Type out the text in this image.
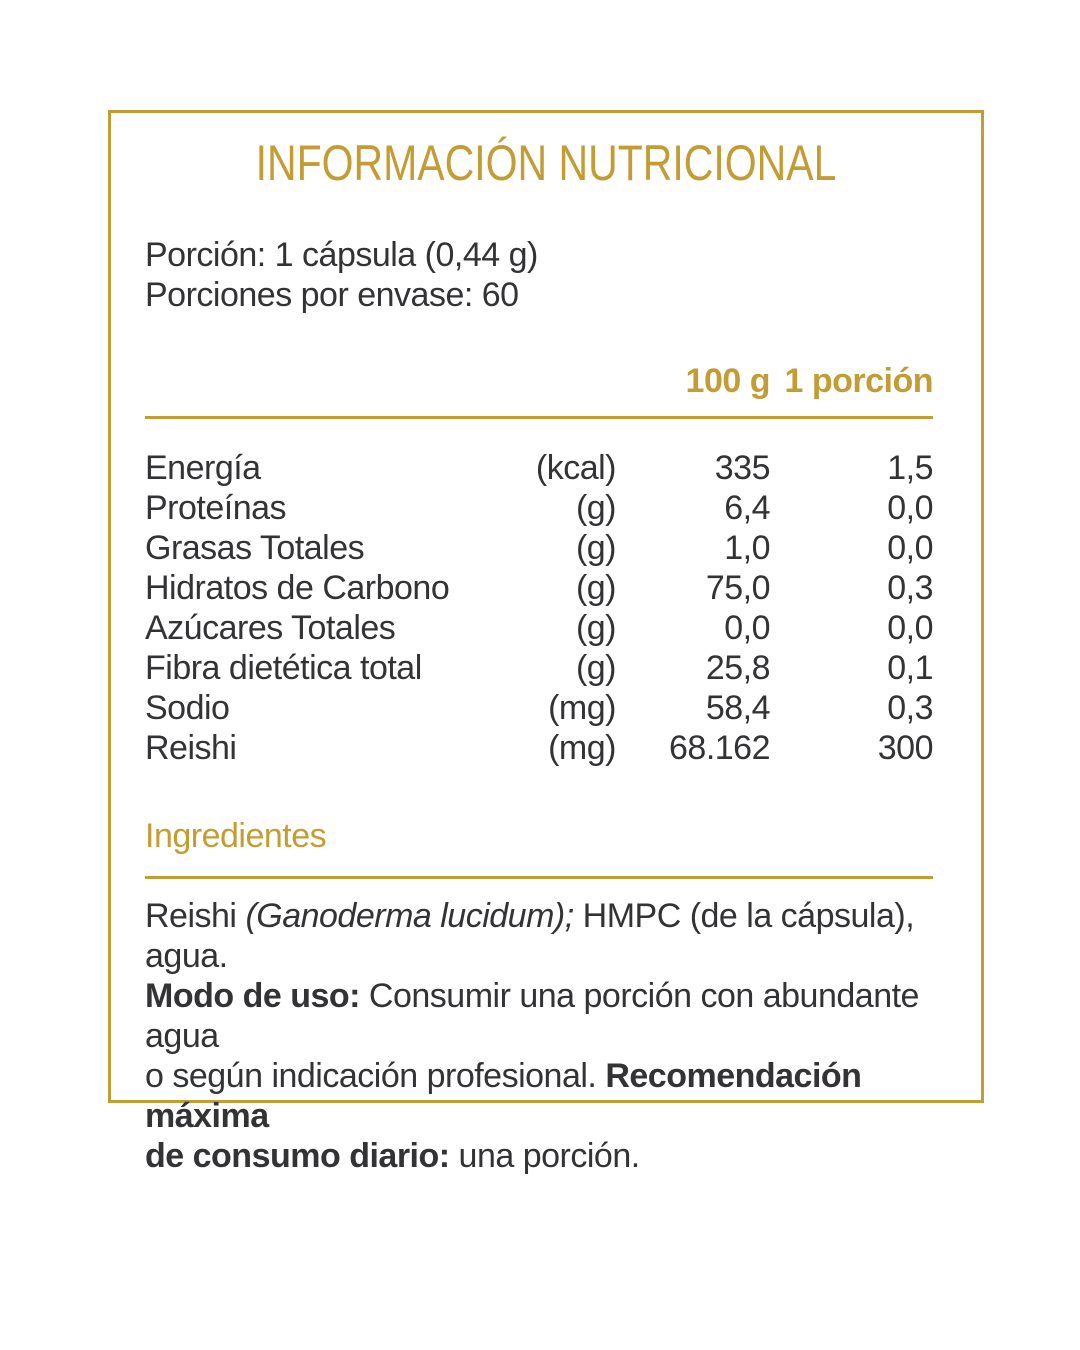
INFORMACIÓN NUTRICIONAL
Porción: 1 cápsula (0,44 g)
Porciones por envase: 60
100 g 1 porción
Energía	(kcal)	335	1,5
Proteínas	(g)	6,4	0,0
Grasas Totales	(g)	1,0	0,0
Hidratos de Carbono	(g)	75,0	0,3
Azúcares Totales	(g)	0,0	0,0
Fibra dietética total	(g)	25,8	0,1
Sodio	(mg)	58,4	0,3
Reishi	(mg)	68.162	300
Ingredientes
Reishi (Ganoderma lucidum); HMPC (de la cápsula), agua.
Modo de uso: Consumir una porción con abundante agua
o según indicación profesional. Recomendación máxima
de consumo diario: una porción.
